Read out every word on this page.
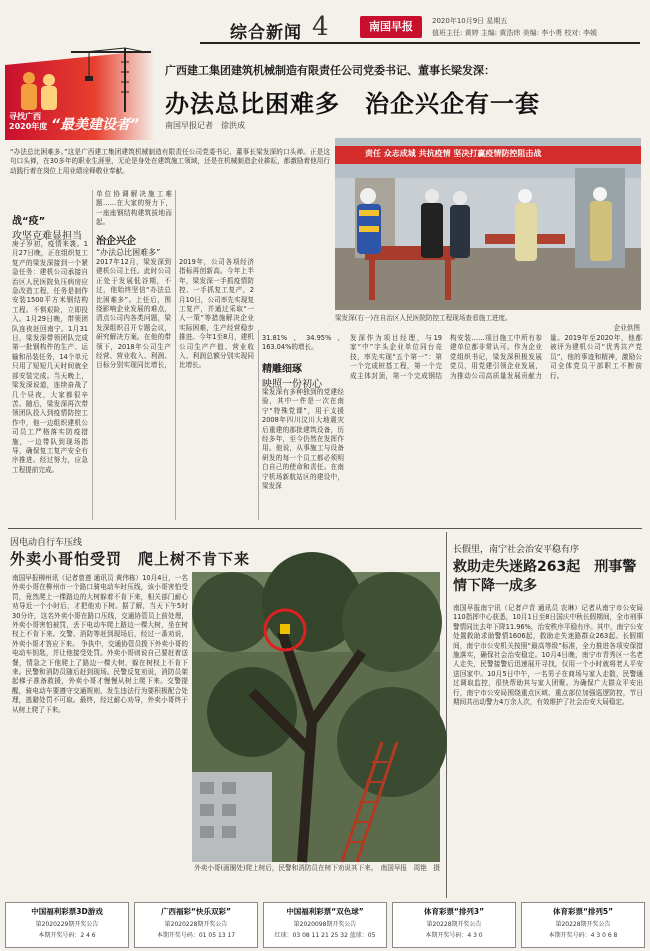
综合新闻 4	南国早报	2020年10月9日 星期五
值班主任: 黄婷 主编: 黄浩炜 美编: 李小勇 校对: 李媛
寻找广西2020年度 “最美建设者”
广西建工集团建筑机械制造有限责任公司党委书记、董事长梁发深：
办法总比困难多　治企兴企有一套
南国早报记者　徐洪成
“办法总比困难多。”这是广西建工集团建筑机械制造有限责任公司党委书记、董事长梁发深的口头禅。正是这句口头禅，在30多年的职业生涯里，无论是身处在建筑施工领域，还是在机械制造企业耕耘，都激励着他用行动践行着在岗位上用业绩诠释敬业奉献。
责任 众志成城 共抗疫情 坚决打赢疫情防控阻击战
梁发深(右一)在自治区人民医院防控工程现场查看施工进度。
企业供图
战“疫”
攻坚克难显担当
庚子岁初，疫情来袭。1月27日晚，正在组织复工复产的梁发深接到一个紧急任务：建机公司承接自治区人民医院负压病房应急改造工程，任务是制作安装1500平方米钢结构工程。不惧艰险，立即投入。1月29日晚，带领团队连夜赶回南宁。1月31日，梁发深带领团队完成第一批钢构件的生产、运输和吊装任务，14个单元只用了短短几天时间就全部安装完成。当天晚上，梁发深说道，连续奋战了几个昼夜，大家都很辛苦。随后，梁发深再次带领团队投入到疫情防控工作中，他一边组织建机公司员工严格落实防疫措施，一边带队到现场指导，确保复工复产安全有序推进。经过努力，应急工程提前完成。
单位协调解决施工难题……在大家的努力下，一座座钢结构建筑拔地而起。
治企兴企
“办法总比困难多”
2017年12月，梁发深到建机公司上任。此时公司正处于发展低谷期，不过，他始终坚信“办法总比困难多”。上任后，围绕影响企业发展的难点，清点公司内各类问题，梁发深组织召开专题会议，研究解决方案。在他的带领下，2018年公司生产经营、营业收入、利润、目标分别实现同比增长，2019年，公司各项经济指标再创新高。今年上半年，梁发深一手抓疫情防控、一手抓复工复产，2月10日，公司率先实现复工复产，并通过采取“一人一策”等措施解决企业实际困难，生产经营稳步推进。今年1至8月，建机公司生产产值、营业收入、利润总额分别实现同比增长。
31.81%、34.95%、163.04%的增长。
精雕细琢
映照一份初心
梁发深有多种独到的党建经验，其中一件是一次在南宁“特殊党课”，用于支援2008年四川汶川大地震灾后重建的那批建筑设备，历经多年，至今仍然在发挥作用。他说，从事施工与设备研发的每一个员工都必须明白自己的使命和责任。在南宁机场新航站区的建设中，梁发深
发深作为项目经理，与19家“中”字头企业单位同台竞技，率先实现“五个第一”：第一个完成桩基工程，第一个完成主体封顶，第一个完成钢结构安装……项目施工中所有参建单位都非常认可。作为企业党组织书记，梁发深积极发展党员，用党建引领企业发展，为推动公司高质量发展贡献力量。2019年至2020年，他都被评为建机公司“优秀共产党员”，他的事迹和精神，激励公司全体党员干部职工不断前行。
因电动自行车压线
外卖小哥怕受罚　爬上树不肯下来
南国早报柳州讯（记者曾莲 通讯员 黄伟栋）10月4日，一名外卖小哥在柳州市一个路口骑电动车时压线，该小哥害怕受罚，竟然爬上一棵路边的大树躲着不肯下来，相关部门耐心劝导近一个小时后，才把他劝下树。据了解，当天下午5时30分许，这名外卖小哥在路口压线，交通协管员上前处理，外卖小哥害怕被罚，丢下电动车爬上路边一棵大树，坐在树杈上不肯下来。交警、消防等赶到现场后，经过一番劝说，外卖小哥才答应下来。 争执中，交通协管员拨下外卖小哥的电动车钥匙，并让他接受处罚。外卖小哥则说自己要赶着送餐，情急之下他爬上了路边一棵大树，躲在树杈上不肯下来。民警和消防员随后赶到现场。民警反复劝说，消防员架起梯子准备救援，外卖小哥才慢慢从树上爬下来。交警提醒，骑电动车要遵守交通规则，发生违法行为要积极配合处理，逃避处罚不可取。最终，经过耐心劝导，外卖小哥终于从树上爬了下来。
外卖小哥(画圈处)爬上树后，民警和消防员在树下劝说其下来。　南国早报　周艳　摄
长假里，南宁社会治安平稳有序
救助走失迷路263起　刑事警情下降一成多
南国早报南宁讯（记者卢青 通讯员 农琳）记者从南宁市公安局110指挥中心获悉，10月1日至8日国庆中秋长假期间，全市刑事警情同比去年下降11.96%，治安秩序平稳有序。其中，南宁公安处置救助求助警情1606起，救助走失迷路群众263起。长假期间，南宁市公安机关按照“最高等级”标准，全力推进各项安保措施落实，确保社会治安稳定。10月4日晚，南宁市青秀区一名老人走失，民警接警后迅速展开寻找，仅用一个小时就将老人平安送回家中。10月5日中午，一名男子在商场与家人走散，民警通过调取监控，很快帮助其与家人团聚。为确保广大群众平安出行，南宁市公安局围绕重点区域、重点部位加强巡逻防控，节日期间共出动警力4万余人次，有效维护了社会治安大局稳定。
中国福利彩票3D游戏
第2020229期开奖公告
本期开奖号码：2 4 6
广西福彩“快乐双彩”
第2020228期开奖公告
本期开奖号码：01 05 13 17
中国福利彩票“双色球”
第2020098期开奖公告
红球：03 08 11 21 25 32 蓝球：05
体育彩票“排列3”
第20228期开奖公告
本期开奖号码：4 3 0
体育彩票“排列5”
第20228期开奖公告
本期开奖号码：4 3 0 6 8
